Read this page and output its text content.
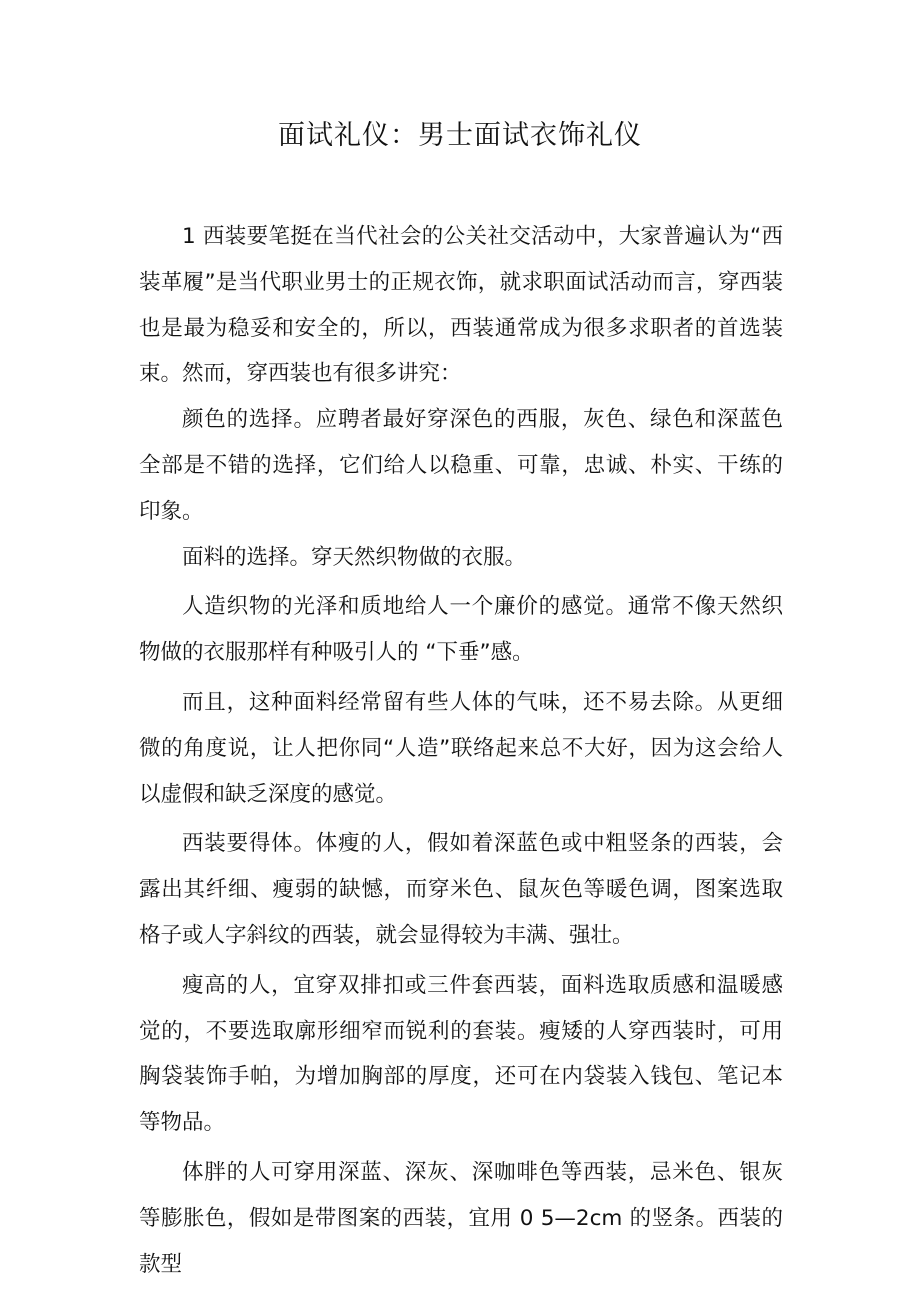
面试礼仪：男士面试衣饰礼仪

1 西装要笔挺在当代社会的公关社交活动中，大家普遍认为“西装革履”是当代职业男士的正规衣饰，就求职面试活动而言，穿西装也是最为稳妥和安全的，所以，西装通常成为很多求职者的首选装束。然而，穿西装也有很多讲究：

颜色的选择。应聘者最好穿深色的西服，灰色、绿色和深蓝色全部是不错的选择，它们给人以稳重、可靠，忠诚、朴实、干练的印象。

面料的选择。穿天然织物做的衣服。

人造织物的光泽和质地给人一个廉价的感觉。通常不像天然织物做的衣服那样有种吸引人的 “下垂”感。

而且，这种面料经常留有些人体的气味，还不易去除。从更细微的角度说，让人把你同“人造”联络起来总不大好，因为这会给人以虚假和缺乏深度的感觉。

西装要得体。体瘦的人，假如着深蓝色或中粗竖条的西装，会露出其纤细、瘦弱的缺憾，而穿米色、鼠灰色等暖色调，图案选取格子或人字斜纹的西装，就会显得较为丰满、强壮。

瘦高的人，宜穿双排扣或三件套西装，面料选取质感和温暖感觉的，不要选取廓形细窄而锐利的套装。瘦矮的人穿西装时，可用胸袋装饰手帕，为增加胸部的厚度，还可在内袋装入钱包、笔记本等物品。

体胖的人可穿用深蓝、深灰、深咖啡色等西装，忌米色、银灰等膨胀色，假如是带图案的西装，宜用 0 5—2cm 的竖条。西装的款型
